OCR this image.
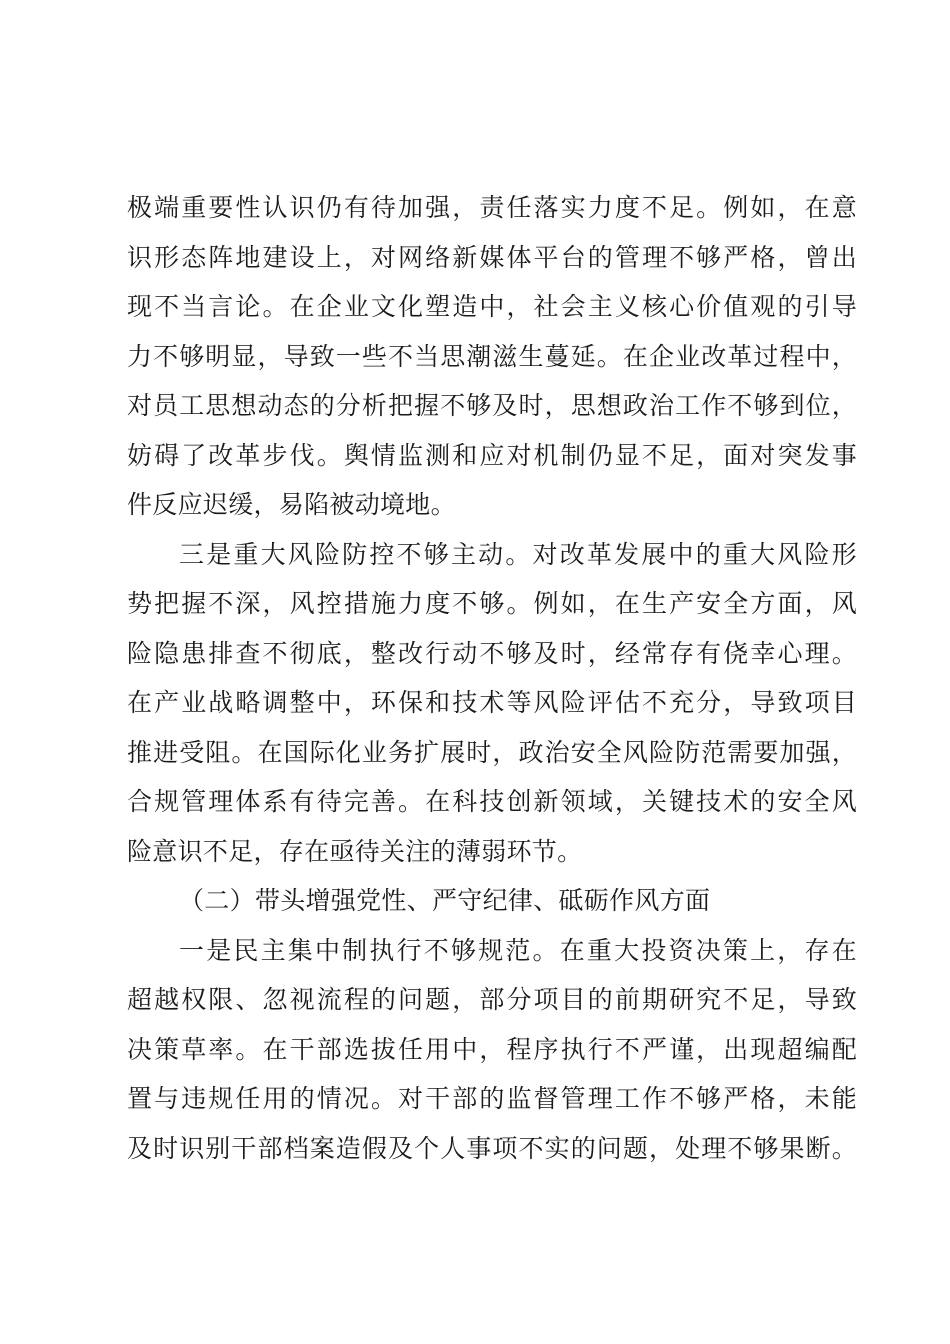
极端重要性认识仍有待加强，责任落实力度不足。例如，在意
识形态阵地建设上，对网络新媒体平台的管理不够严格，曾出
现不当言论。在企业文化塑造中，社会主义核心价值观的引导
力不够明显，导致一些不当思潮滋生蔓延。在企业改革过程中，
对员工思想动态的分析把握不够及时，思想政治工作不够到位，
妨碍了改革步伐。舆情监测和应对机制仍显不足，面对突发事
件反应迟缓，易陷被动境地。
三是重大风险防控不够主动。对改革发展中的重大风险形
势把握不深，风控措施力度不够。例如，在生产安全方面，风
险隐患排查不彻底，整改行动不够及时，经常存有侥幸心理。
在产业战略调整中，环保和技术等风险评估不充分，导致项目
推进受阻。在国际化业务扩展时，政治安全风险防范需要加强，
合规管理体系有待完善。在科技创新领域，关键技术的安全风
险意识不足，存在亟待关注的薄弱环节。
（二）带头增强党性、严守纪律、砥砺作风方面
一是民主集中制执行不够规范。在重大投资决策上，存在
超越权限、忽视流程的问题，部分项目的前期研究不足，导致
决策草率。在干部选拔任用中，程序执行不严谨，出现超编配
置与违规任用的情况。对干部的监督管理工作不够严格，未能
及时识别干部档案造假及个人事项不实的问题，处理不够果断。
